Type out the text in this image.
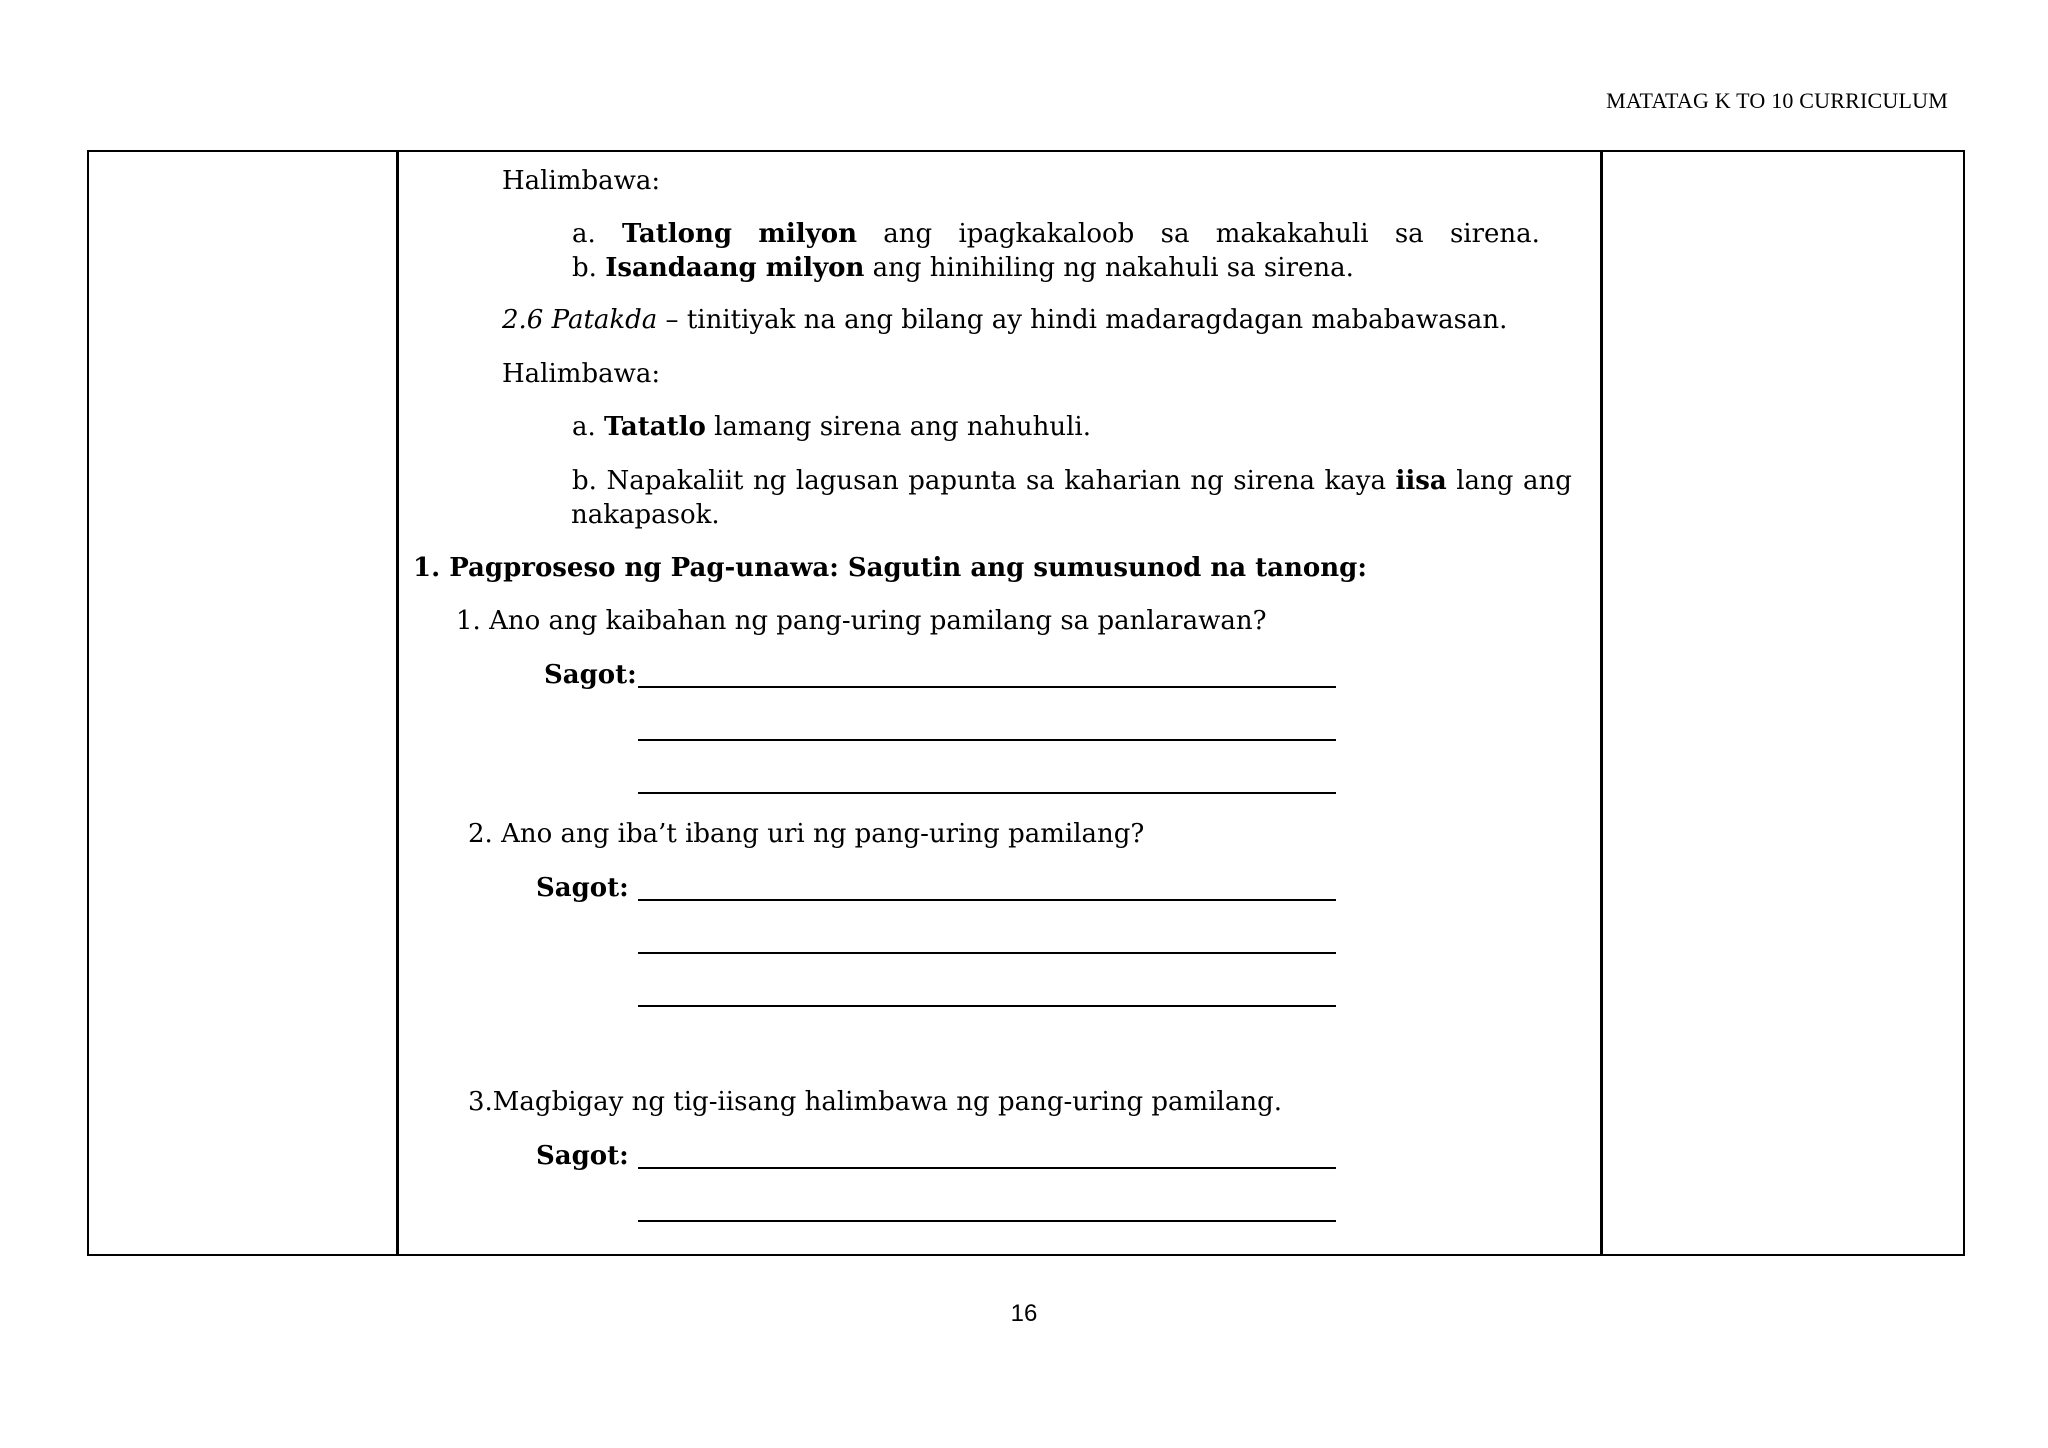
MATATAG K TO 10 CURRICULUM
Halimbawa:
a. Tatlong milyon ang ipagkakaloob sa makakahuli sa sirena.
b. Isandaang milyon ang hinihiling ng nakahuli sa sirena.
2.6 Patakda – tinitiyak na ang bilang ay hindi madaragdagan mababawasan.
Halimbawa:
a. Tatatlo lamang sirena ang nahuhuli.
b. Napakaliit ng lagusan papunta sa kaharian ng sirena kaya iisa lang ang
nakapasok.
1. Pagproseso ng Pag-unawa: Sagutin ang sumusunod na tanong:
1. Ano ang kaibahan ng pang-uring pamilang sa panlarawan?
Sagot:
2. Ano ang iba’t ibang uri ng pang-uring pamilang?
Sagot:
3.Magbigay ng tig-iisang halimbawa ng pang-uring pamilang.
Sagot:
16
